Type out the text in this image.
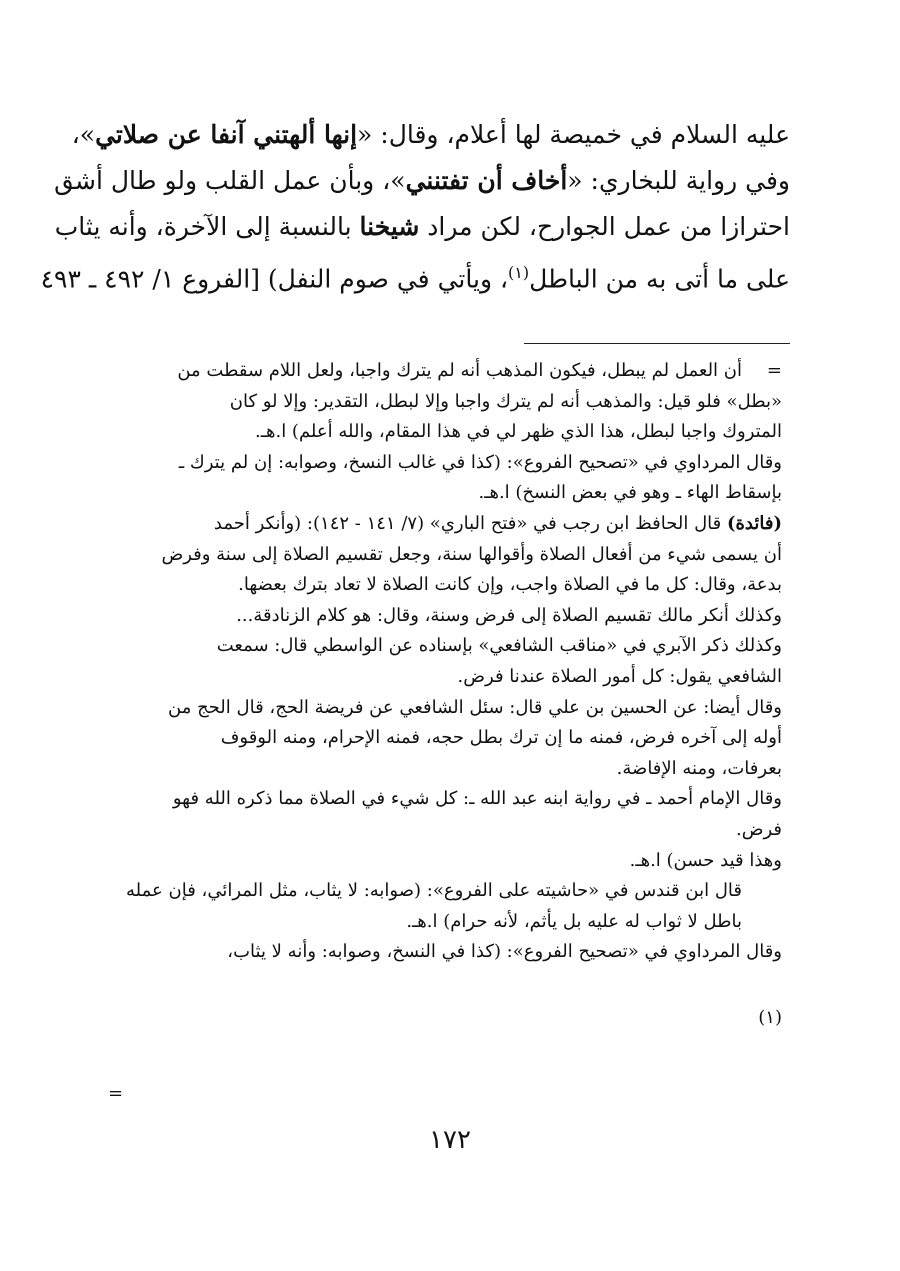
عليه السلام في خميصة لها أعلام، وقال: «إنها ألهتني آنفا عن صلاتي»،
وفي رواية للبخاري: «أخاف أن تفتنني»، وبأن عمل القلب ولو طال أشق
احترازا من عمل الجوارح، لكن مراد شيخنا بالنسبة إلى الآخرة، وأنه يثاب
على ما أتى به من الباطل$^{(١)}$، ويأتي في صوم النفل) [الفروع ١/ ٤٩٢ ـ ٤٩٣
=
أن العمل لم يبطل، فيكون المذهب أنه لم يترك واجبا، ولعل اللام سقطت من
«بطل» فلو قيل: والمذهب أنه لم يترك واجبا وإلا لبطل، التقدير: وإلا لو كان
المتروك واجبا لبطل، هذا الذي ظهر لي في هذا المقام، والله أعلم) ا.هـ.
وقال المرداوي في «تصحيح الفروع»: (كذا في غالب النسخ، وصوابه: إن لم يترك ـ
بإسقاط الهاء ـ وهو في بعض النسخ) ا.هـ.
(فائدة) قال الحافظ ابن رجب في «فتح الباري» (٧/ ١٤١ - ١٤٢): (وأنكر أحمد
أن يسمى شيء من أفعال الصلاة وأقوالها سنة، وجعل تقسيم الصلاة إلى سنة وفرض
بدعة، وقال: كل ما في الصلاة واجب، وإن كانت الصلاة لا تعاد بترك بعضها.
وكذلك أنكر مالك تقسيم الصلاة إلى فرض وسنة، وقال: هو كلام الزنادقة...
وكذلك ذكر الآبري في «مناقب الشافعي» بإسناده عن الواسطي قال: سمعت
الشافعي يقول: كل أمور الصلاة عندنا فرض.
وقال أيضا: عن الحسين بن علي قال: سئل الشافعي عن فريضة الحج، قال الحج من
أوله إلى آخره فرض، فمنه ما إن ترك بطل حجه، فمنه الإحرام، ومنه الوقوف
بعرفات، ومنه الإفاضة.
وقال الإمام أحمد ـ في رواية ابنه عبد الله ـ: كل شيء في الصلاة مما ذكره الله فهو
فرض.
وهذا قيد حسن) ا.هـ.
قال ابن قندس في «حاشيته على الفروع»: (صوابه: لا يثاب، مثل المرائي، فإن عمله
باطل لا ثواب له عليه بل يأثم، لأنه حرام) ا.هـ.
وقال المرداوي في «تصحيح الفروع»: (كذا في النسخ، وصوابه: وأنه لا يثاب،
(١)
=
١٧٢
